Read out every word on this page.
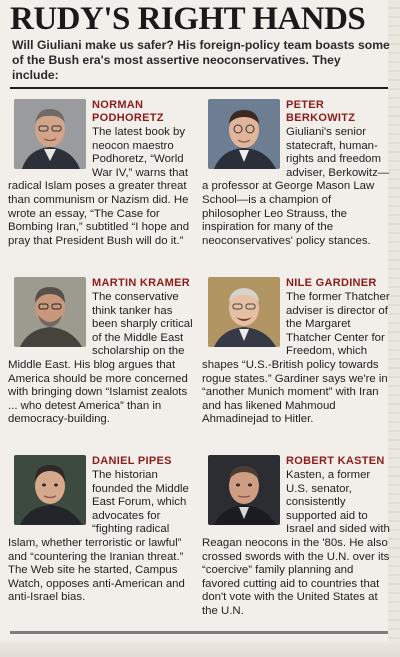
RUDY'S RIGHT HANDS

Will Giuliani make us safer? His foreign-policy team boasts some of the Bush era's most assertive neoconservatives. They include:

NORMAN PODHORETZ
The latest book by neocon maestro Podhoretz, “World War IV,” warns that radical Islam poses a greater threat than communism or Nazism did. He wrote an essay, “The Case for Bombing Iran,” subtitled “I hope and pray that President Bush will do it.”
PETER BERKOWITZ
Giuliani's senior statecraft, human-rights and freedom adviser, Berkowitz—a professor at George Mason Law School—is a champion of philosopher Leo Strauss, the inspiration for many of the neoconservatives' policy stances.
MARTIN KRAMER
The conservative think tanker has been sharply critical of the Middle East scholarship on the Middle East. His blog argues that America should be more concerned with bringing down “Islamist zealots ... who detest America” than in democracy-building.
NILE GARDINER
The former Thatcher adviser is director of the Margaret Thatcher Center for Freedom, which shapes “U.S.-British policy towards rogue states.” Gardiner says we're in “another Munich moment” with Iran and has likened Mahmoud Ahmadinejad to Hitler.
DANIEL PIPES
The historian founded the Middle East Forum, which advocates for “fighting radical Islam, whether terroristic or lawful” and “countering the Iranian threat.” The Web site he started, Campus Watch, opposes anti-American and anti-Israel bias.
ROBERT KASTEN
Kasten, a former U.S. senator, consistently supported aid to Israel and sided with Reagan neocons in the '80s. He also crossed swords with the U.N. over its “coercive” family planning and favored cutting aid to countries that don't vote with the United States at the U.N.
